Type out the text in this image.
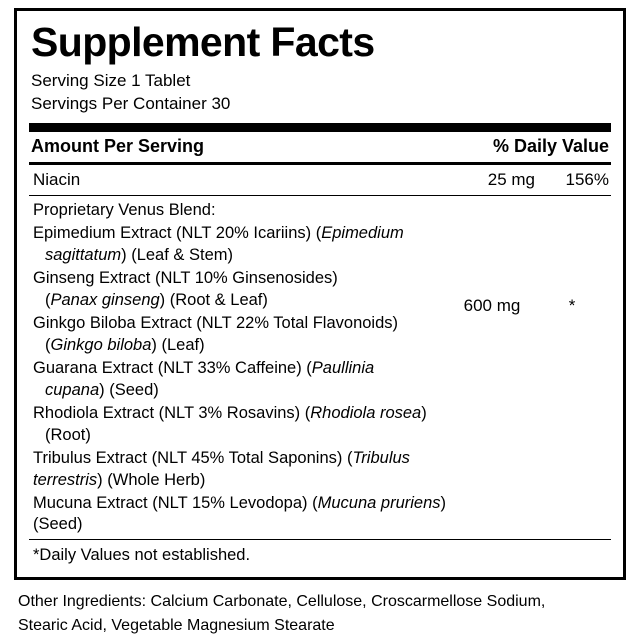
Supplement Facts
Serving Size 1 Tablet
Servings Per Container 30
Amount Per Serving	% Daily Value
Niacin	25 mg	156%
Proprietary Venus Blend:
Epimedium Extract (NLT 20% Icariins) (Epimedium
sagittatum) (Leaf & Stem)
Ginseng Extract (NLT 10% Ginsenosides)
(Panax ginseng) (Root & Leaf)
Ginkgo Biloba Extract (NLT 22% Total Flavonoids)
(Ginkgo biloba) (Leaf)
Guarana Extract (NLT 33% Caffeine) (Paullinia
cupana) (Seed)
Rhodiola Extract (NLT 3% Rosavins) (Rhodiola rosea)
(Root)
Tribulus Extract (NLT 45% Total Saponins) (Tribulus terrestris) (Whole Herb)
Mucuna Extract (NLT 15% Levodopa) (Mucuna pruriens) (Seed)
600 mg	*
*Daily Values not established.
Other Ingredients: Calcium Carbonate, Cellulose, Croscarmellose Sodium,
Stearic Acid, Vegetable Magnesium Stearate
